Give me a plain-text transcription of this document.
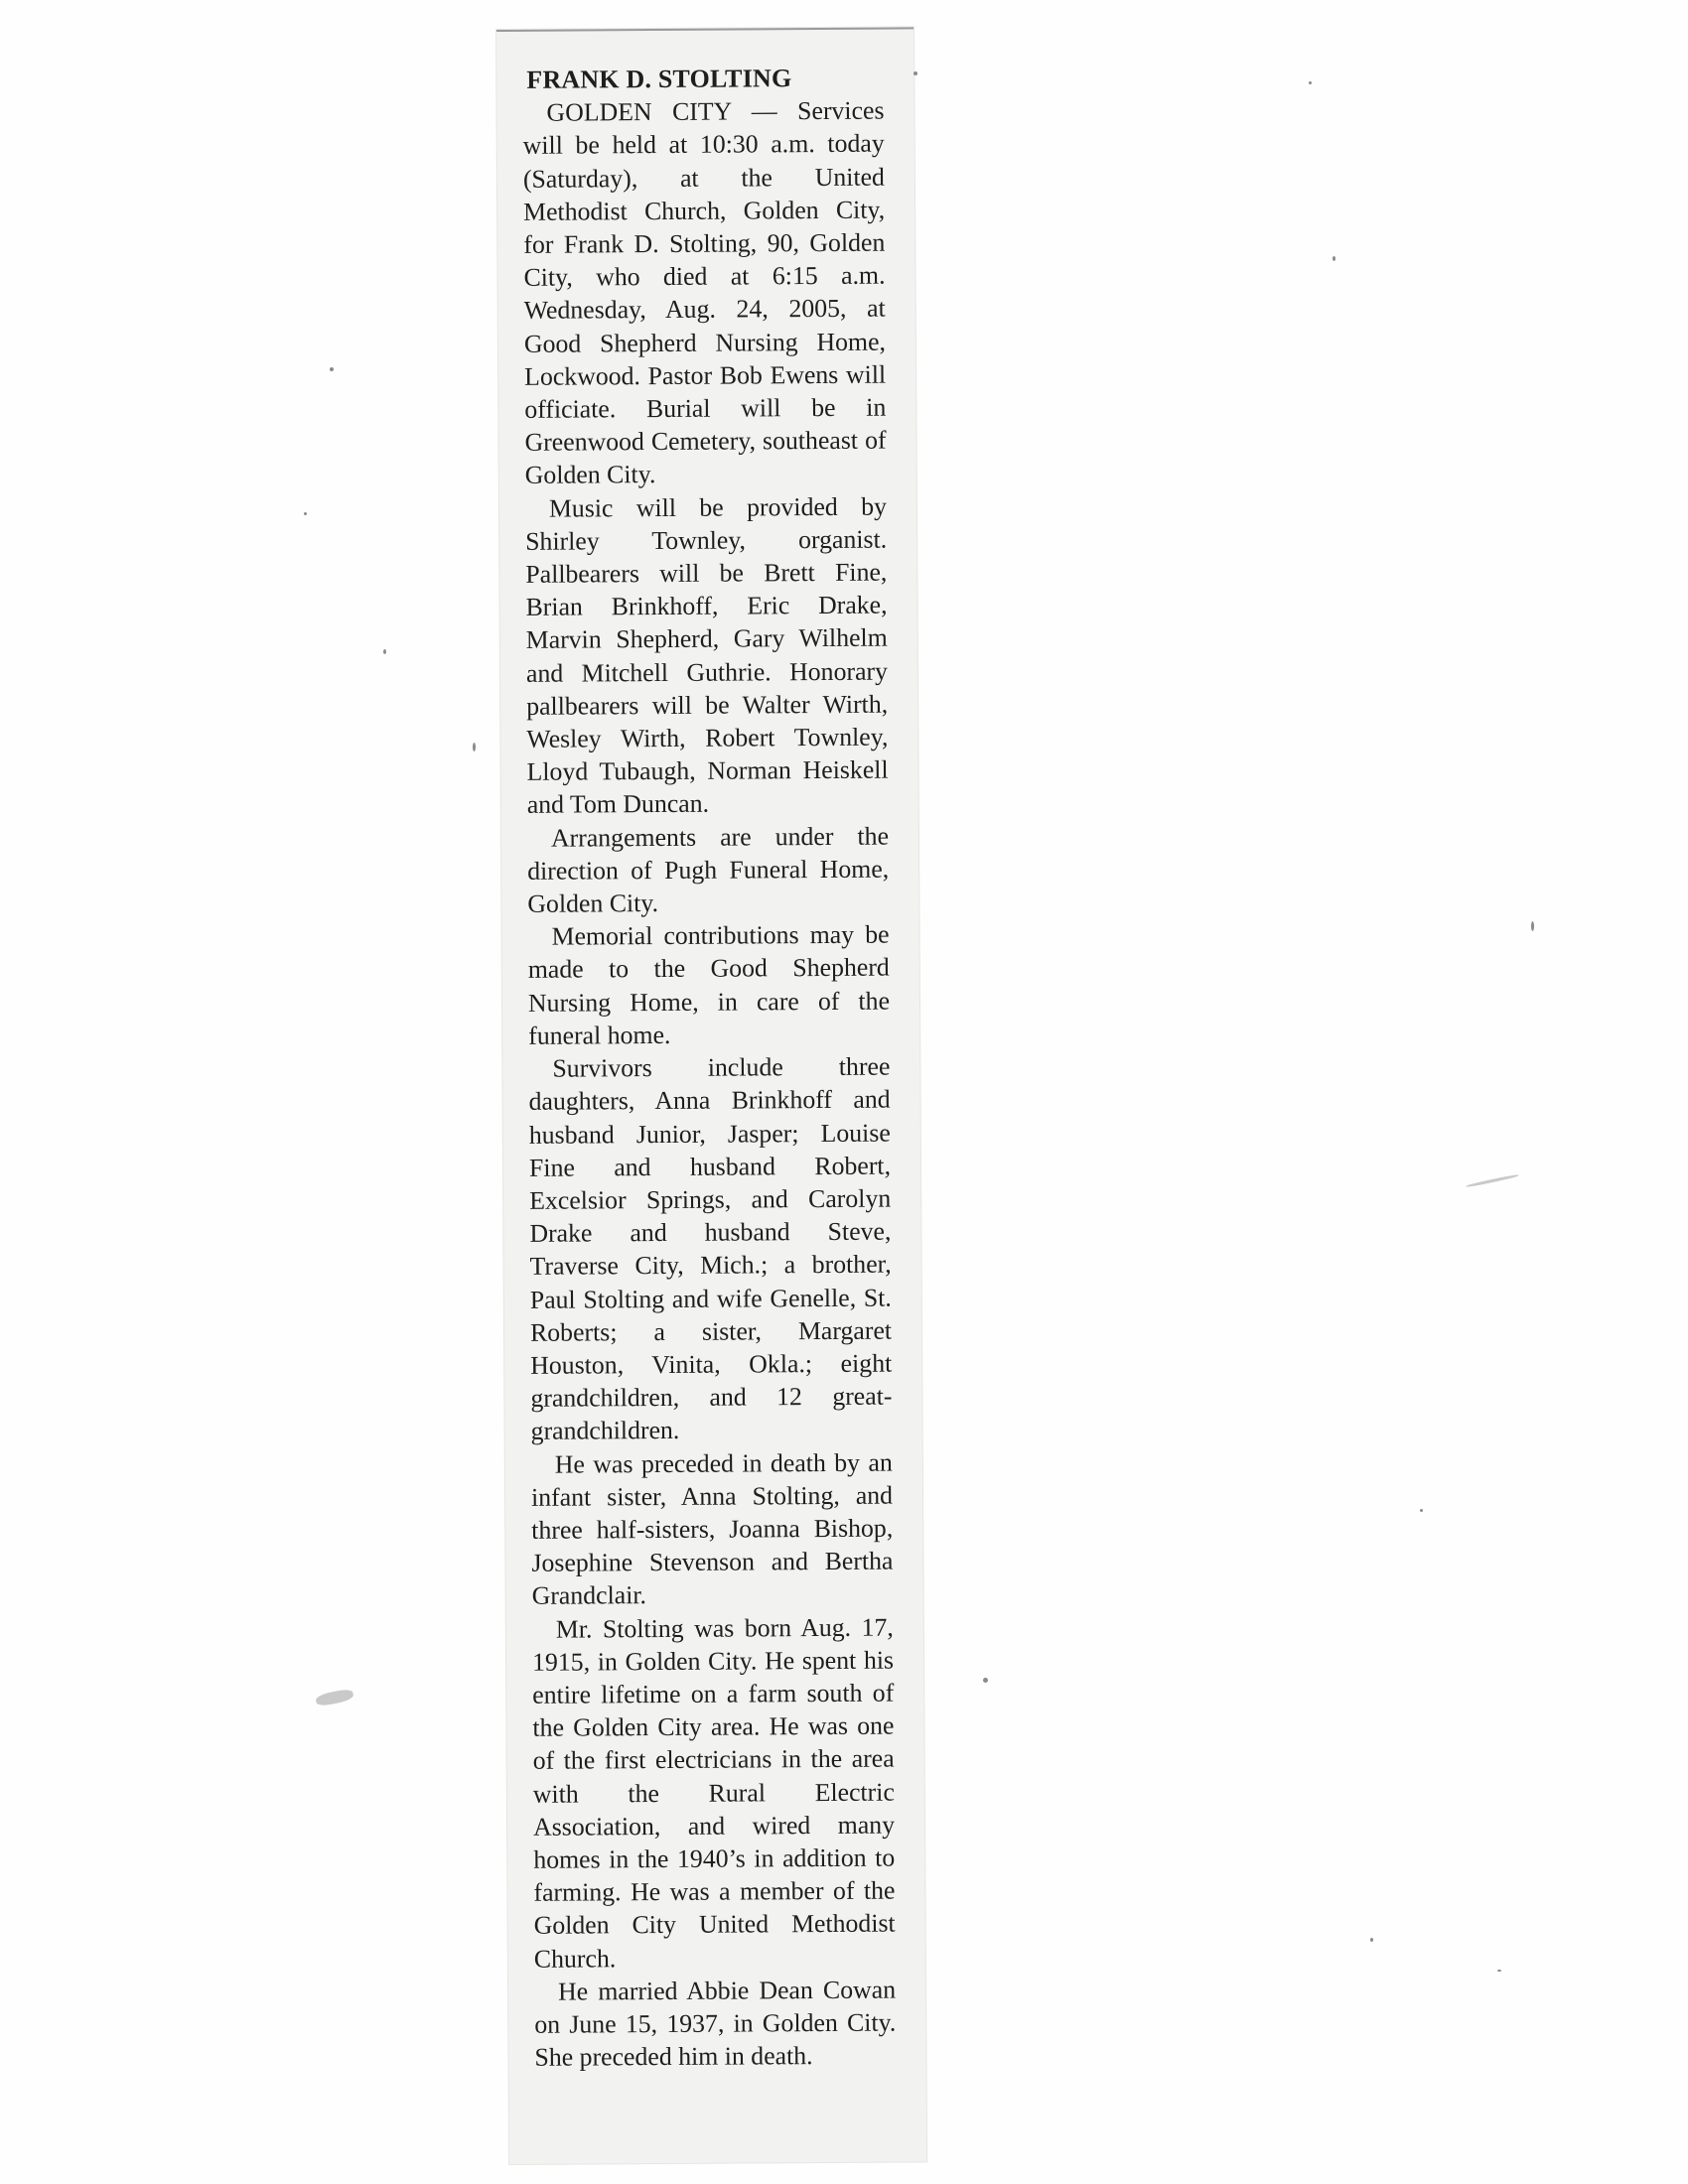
FRANK D. STOLTING

GOLDEN CITY — Services will be held at 10:30 a.m. today (Saturday), at the United Methodist Church, Golden City, for Frank D. Stolting, 90, Golden City, who died at 6:15 a.m. Wednesday, Aug. 24, 2005, at Good Shepherd Nursing Home, Lockwood. Pastor Bob Ewens will officiate. Burial will be in Greenwood Cemetery, southeast of Golden City.

Music will be provided by Shirley Townley, organist. Pallbearers will be Brett Fine, Brian Brinkhoff, Eric Drake, Marvin Shepherd, Gary Wilhelm and Mitchell Guthrie. Honorary pallbearers will be Walter Wirth, Wesley Wirth, Robert Townley, Lloyd Tubaugh, Norman Heiskell and Tom Duncan.

Arrangements are under the direction of Pugh Funeral Home, Golden City.

Memorial contributions may be made to the Good Shepherd Nursing Home, in care of the funeral home.

Survivors include three daughters, Anna Brinkhoff and husband Junior, Jasper; Louise Fine and husband Robert, Excelsior Springs, and Carolyn Drake and husband Steve, Traverse City, Mich.; a brother, Paul Stolting and wife Genelle, St. Roberts; a sister, Margaret Houston, Vinita, Okla.; eight grandchildren, and 12 great-grandchildren.

He was preceded in death by an infant sister, Anna Stolting, and three half-sisters, Joanna Bishop, Josephine Stevenson and Bertha Grandclair.

Mr. Stolting was born Aug. 17, 1915, in Golden City. He spent his entire lifetime on a farm south of the Golden City area. He was one of the first electricians in the area with the Rural Electric Association, and wired many homes in the 1940’s in addition to farming. He was a member of the Golden City United Methodist Church.

He married Abbie Dean Cowan on June 15, 1937, in Golden City. She preceded him in death.
